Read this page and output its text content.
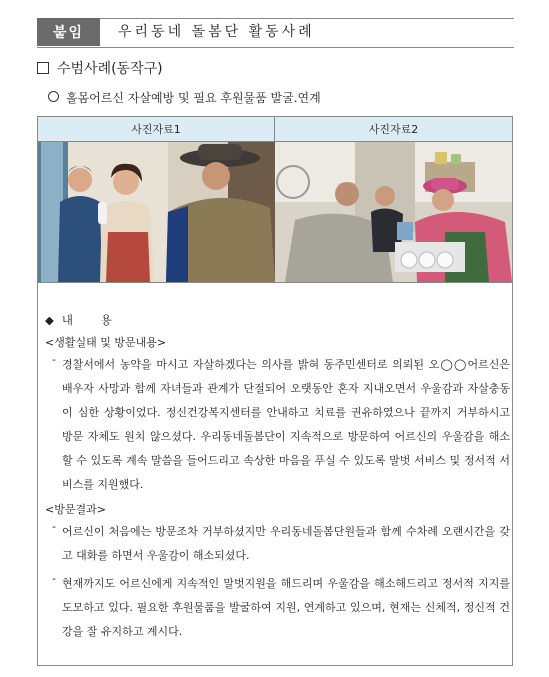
붙임	우리동네 돌봄단 활동사례
수범사례(동작구)
홀몸어르신 자살예방 및 필요 후원물품 발굴.연계
사진자료1	사진자료2
◆ 내 용
<생활실태 및 방문내용>
- 경찰서에서 농약을 마시고 자살하겠다는 의사를 밝혀 동주민센터로 의뢰된 오◯◯어르신은 배우자 사망과 함께 자녀들과 관계가 단절되어 오랫동안 혼자 지내오면서 우울감과 자살충동이 심한 상황이었다. 정신건강복지센터를 안내하고 치료를 권유하였으나 끝까지 거부하시고 방문 자체도 원치 않으셨다. 우리동네돌봄단이 지속적으로 방문하여 어르신의 우울감을 해소할 수 있도록 계속 말씀을 들어드리고 속상한 마음을 푸실 수 있도록 말벗 서비스 및 정서적 서비스를 지원했다.
<방문결과>
- 어르신이 처음에는 방문조차 거부하셨지만 우리동네돌봄단원들과 함께 수차례 오랜시간을 갖고 대화를 하면서 우울감이 해소되셨다.
- 현재까지도 어르신에게 지속적인 말벗지원을 해드리며 우울감을 해소해드리고 정서적 지지를 도모하고 있다. 필요한 후원물품을 발굴하여 지원, 연계하고 있으며, 현재는 신체적, 정신적 건강을 잘 유지하고 계시다.
